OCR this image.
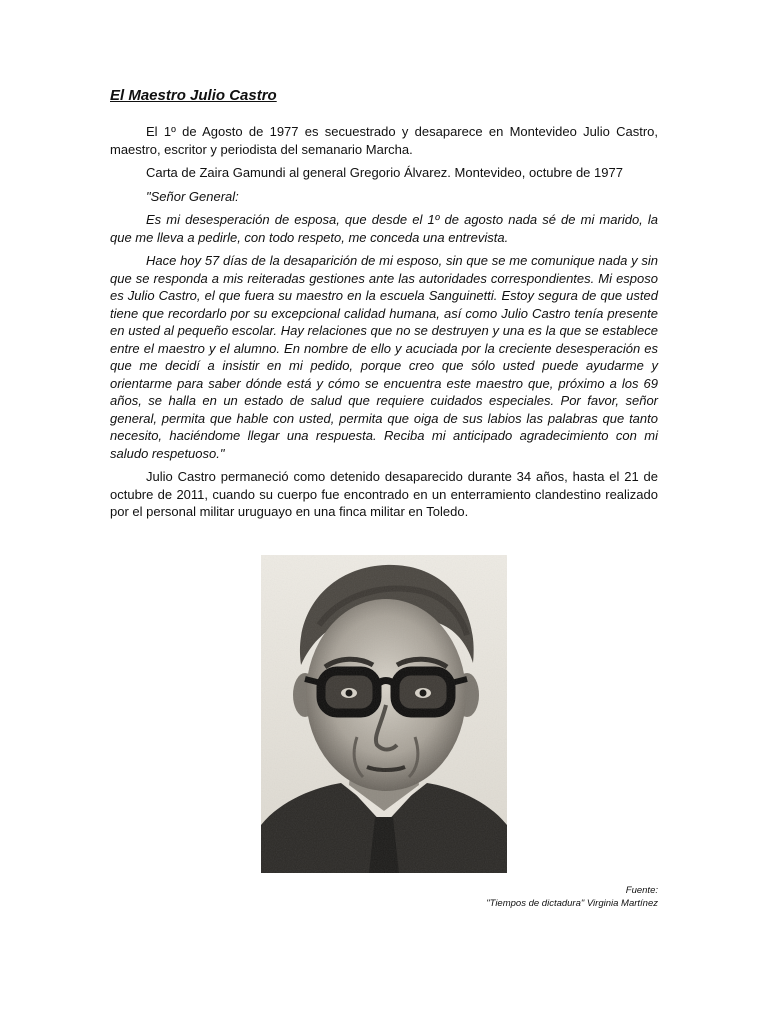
El Maestro Julio Castro

El 1º de Agosto de 1977 es secuestrado y desaparece en Montevideo Julio Castro, maestro, escritor y periodista del semanario Marcha.

Carta de Zaira Gamundi al general Gregorio Álvarez. Montevideo, octubre de 1977

"Señor General:

Es mi desesperación de esposa, que desde el 1º de agosto nada sé de mi marido, la que me lleva a pedirle, con todo respeto, me conceda una entrevista.

Hace hoy 57 días de la desaparición de mi esposo, sin que se me comunique nada y sin que se responda a mis reiteradas gestiones ante las autoridades correspondientes. Mi esposo es Julio Castro, el que fuera su maestro en la escuela Sanguinetti. Estoy segura de que usted tiene que recordarlo por su excepcional calidad humana, así como Julio Castro tenía presente en usted al pequeño escolar. Hay relaciones que no se destruyen y una es la que se establece entre el maestro y el alumno. En nombre de ello y acuciada por la creciente desesperación es que me decidí a insistir en mi pedido, porque creo que sólo usted puede ayudarme y orientarme para saber dónde está y cómo se encuentra este maestro que, próximo a los 69 años, se halla en un estado de salud que requiere cuidados especiales. Por favor, señor general, permita que hable con usted, permita que oiga de sus labios las palabras que tanto necesito, haciéndome llegar una respuesta. Reciba mi anticipado agradecimiento con mi saludo respetuoso."

Julio Castro permaneció como detenido desaparecido durante 34 años, hasta el 21 de octubre de 2011, cuando su cuerpo fue encontrado en un enterramiento clandestino realizado por el personal militar uruguayo en una finca militar en Toledo.

Fuente:
"Tiempos de dictadura" Virginia Martínez
